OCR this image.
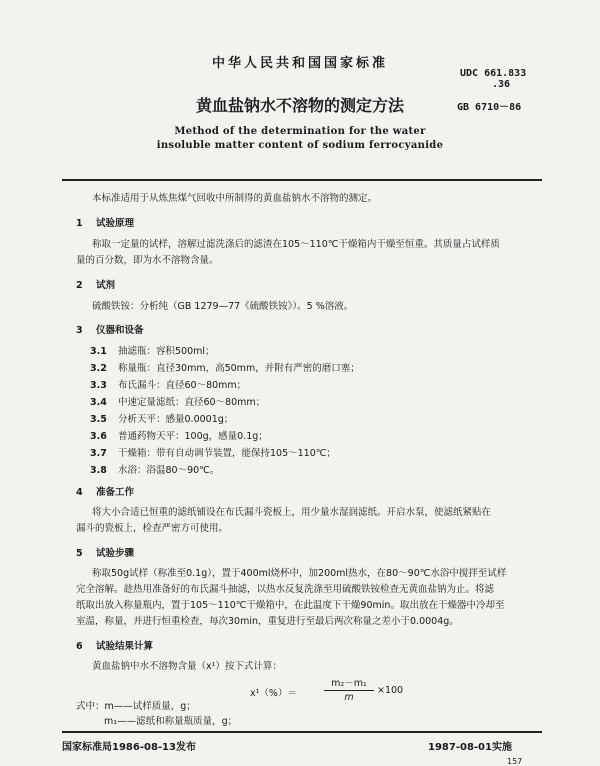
中华人民共和国国家标准
UDC 661.833
.36
GB 6710－86
黄血盐钠水不溶物的测定方法
Method of the determination for the water
insoluble matter content of sodium ferrocyanide
本标准适用于从炼焦煤气回收中所制得的黄血盐钠水不溶物的测定。
1 试验原理
称取一定量的试样，溶解过滤洗涤后的滤渣在105～110℃干燥箱内干燥至恒重。其质量占试样质
量的百分数，即为水不溶物含量。
2 试剂
硫酸铁铵：分析纯（GB 1279—77《硫酸铁铵》）。5 %溶液。
3 仪器和设备
3.1 抽滤瓶：容积500ml；
3.2 称量瓶：直径30mm，高50mm，并附有严密的磨口塞；
3.3 布氏漏斗：直径60～80mm；
3.4 中速定量滤纸：直径60～80mm；
3.5 分析天平：感量0.0001g；
3.6 普通药物天平：100g，感量0.1g；
3.7 干燥箱：带有自动调节装置，能保持105～110℃；
3.8 水浴：浴温80～90℃。
4 准备工作
将大小合适已恒重的滤纸铺设在布氏漏斗瓷板上，用少量水湿润滤纸。开启水泵，使滤纸紧贴在
漏斗的瓷板上，检查严密方可使用。
5 试验步骤
称取50g试样（称准至0.1g），置于400ml烧杯中，加200ml热水，在80～90℃水浴中搅拌至试样
完全溶解。趁热用准备好的布氏漏斗抽滤，以热水反复洗涤至用硫酸铁铵检查无黄血盐钠为止。将滤
纸取出放入称量瓶内，置于105～110℃干燥箱中，在此温度下干燥90min。取出放在干燥器中冷却至
室温，称量，并进行恒重检查，每次30min，重复进行至最后两次称量之差小于0.0004g。
6 试验结果计算
黄血盐钠中水不溶物含量（x¹）按下式计算：
x¹（%）＝	$\frac{\text{m₂－m₁}}{m} \times 100$
式中：m——试样质量，g；
m₁——滤纸和称量瓶质量，g；
国家标准局1986-08-13发布	1987-08-01实施
157
